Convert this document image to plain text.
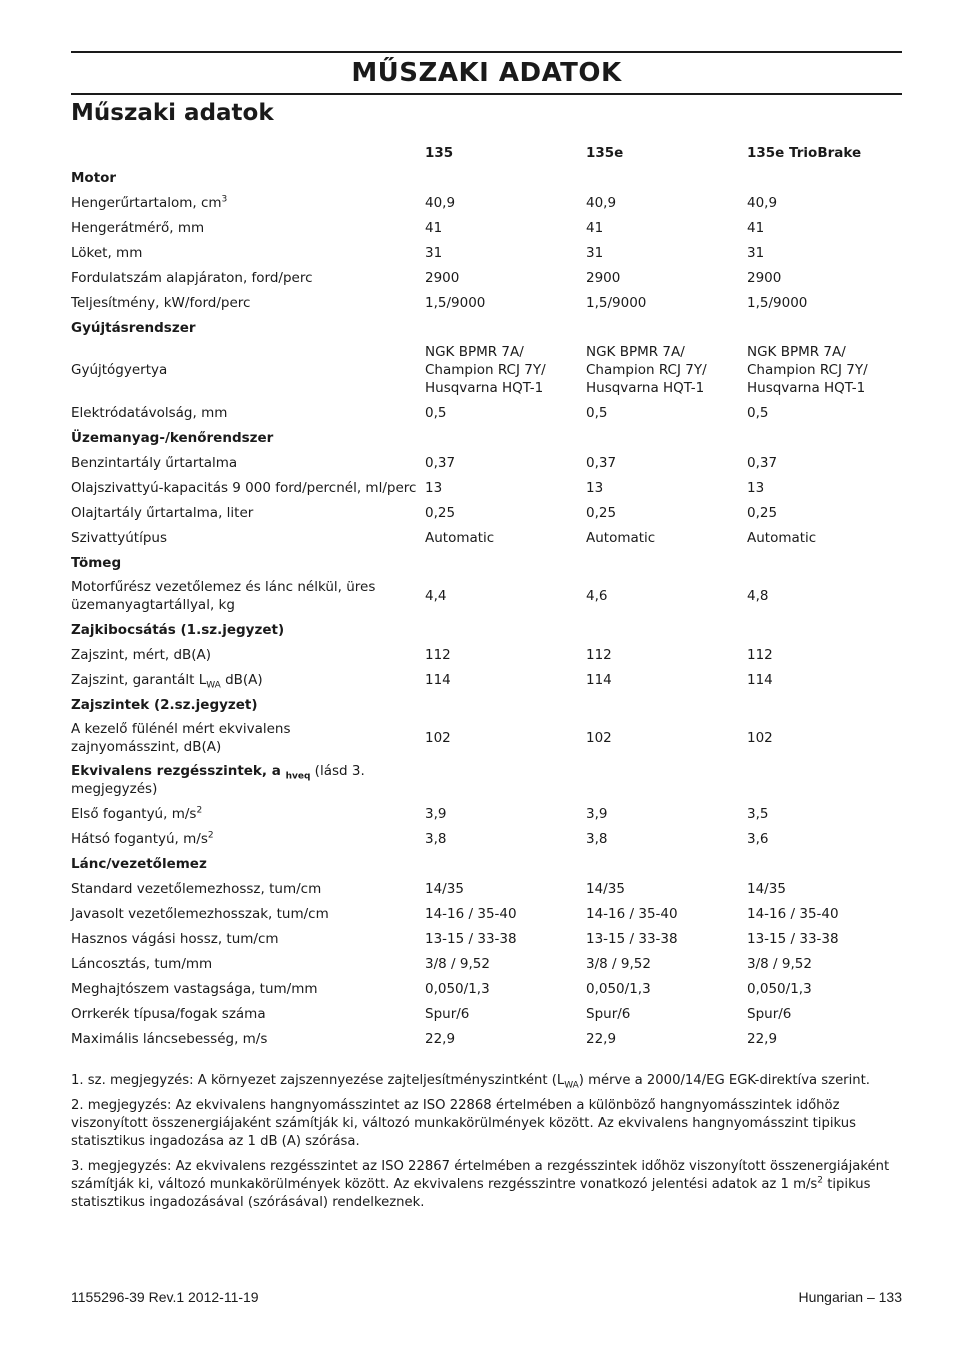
MŰSZAKI ADATOK
Műszaki adatok
	135	135e	135e TrioBrake
Motor			
Hengerűrtartalom, $cm^3$	40,9	40,9	40,9
Hengerátmérő, mm	41	41	41
Löket, mm	31	31	31
Fordulatszám alapjáraton, ford/perc	2900	2900	2900
Teljesítmény, kW/ford/perc	1,5/9000	1,5/9000	1,5/9000
Gyújtásrendszer			
Gyújtógyertya	NGK BPMR 7A/
Champion RCJ 7Y/
Husqvarna HQT-1	NGK BPMR 7A/
Champion RCJ 7Y/
Husqvarna HQT-1	NGK BPMR 7A/
Champion RCJ 7Y/
Husqvarna HQT-1
Elektródatávolság, mm	0,5	0,5	0,5
Üzemanyag-/kenőrendszer			
Benzintartály űrtartalma	0,37	0,37	0,37
Olajszivattyú-kapacitás 9 000 ford/percnél, ml/perc	13	13	13
Olajtartály űrtartalma, liter	0,25	0,25	0,25
Szivattyútípus	Automatic	Automatic	Automatic
Tömeg			

Motorfűrész vezetőlemez és lánc nélkül, üres üzemanyagtartállyal, kg	4,4	4,6	4,8
Zajkibocsátás (1.sz.jegyzet)			
Zajszint, mért, dB(A)	112	112	112
Zajszint, garantált $L_{WA}$ dB(A)	114	114	114
Zajszintek (2.sz.jegyzet)			

A kezelő fülénél mért ekvivalens zajnyomásszint, dB(A)	102	102	102

Ekvivalens rezgésszintek, a $_{hveq}$ (lásd 3. megjegyzés)			

Első fogantyú, $m/s^2$	3,9	3,9	3,5
Hátsó fogantyú, $m/s^2$	3,8	3,8	3,6
Lánc/vezetőlemez			
Standard vezetőlemezhossz, tum/cm	14/35	14/35	14/35
Javasolt vezetőlemezhosszak, tum/cm	14-16 / 35-40	14-16 / 35-40	14-16 / 35-40
Hasznos vágási hossz, tum/cm	13-15 / 33-38	13-15 / 33-38	13-15 / 33-38
Láncosztás, tum/mm	3/8 / 9,52	3/8 / 9,52	3/8 / 9,52
Meghajtószem vastagsága, tum/mm	0,050/1,3	0,050/1,3	0,050/1,3
Orrkerék típusa/fogak száma	Spur/6	Spur/6	Spur/6
Maximális láncsebesség, m/s	22,9	22,9	22,9

1. sz. megjegyzés: A környezet zajszennyezése zajteljesítményszintként $(L_{WA})$ mérve a 2000/14/EG EGK-direktíva szerint.

2. megjegyzés: Az ekvivalens hangnyomásszintet az ISO 22868 értelmében a különböző hangnyomásszintek időhöz viszonyított összenergiájaként számítják ki, változó munkakörülmények között. Az ekvivalens hangnyomásszint tipikus statisztikus ingadozása az 1 dB (A) szórása.

3. megjegyzés: Az ekvivalens rezgésszintet az ISO 22867 értelmében a rezgésszintek időhöz viszonyított összenergiájaként számítják ki, változó munkakörülmények között. Az ekvivalens rezgésszintre vonatkozó jelentési adatok az 1 $m/s^2$ tipikus statisztikus ingadozásával (szórásával) rendelkeznek.

1155296-39 Rev.1 2012-11-19	Hungarian – 133
